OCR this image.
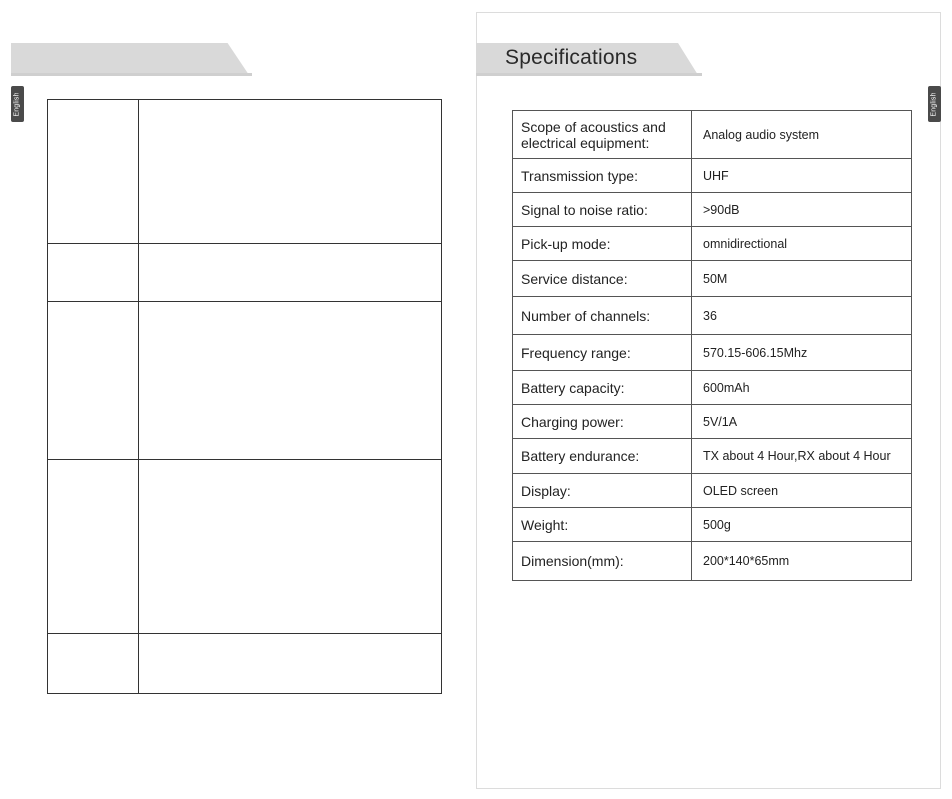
English

Specifications
English
Scope of acoustics and electrical equipment:	Analog audio system
Transmission type:	UHF
Signal to noise ratio:	>90dB
Pick-up mode:	omnidirectional
Service distance:	50M
Number of channels:	36
Frequency range:	570.15-606.15Mhz
Battery capacity:	600mAh
Charging power:	5V/1A
Battery endurance:	TX about 4 Hour,RX about 4 Hour
Display:	OLED screen
Weight:	500g
Dimension(mm):	200*140*65mm
